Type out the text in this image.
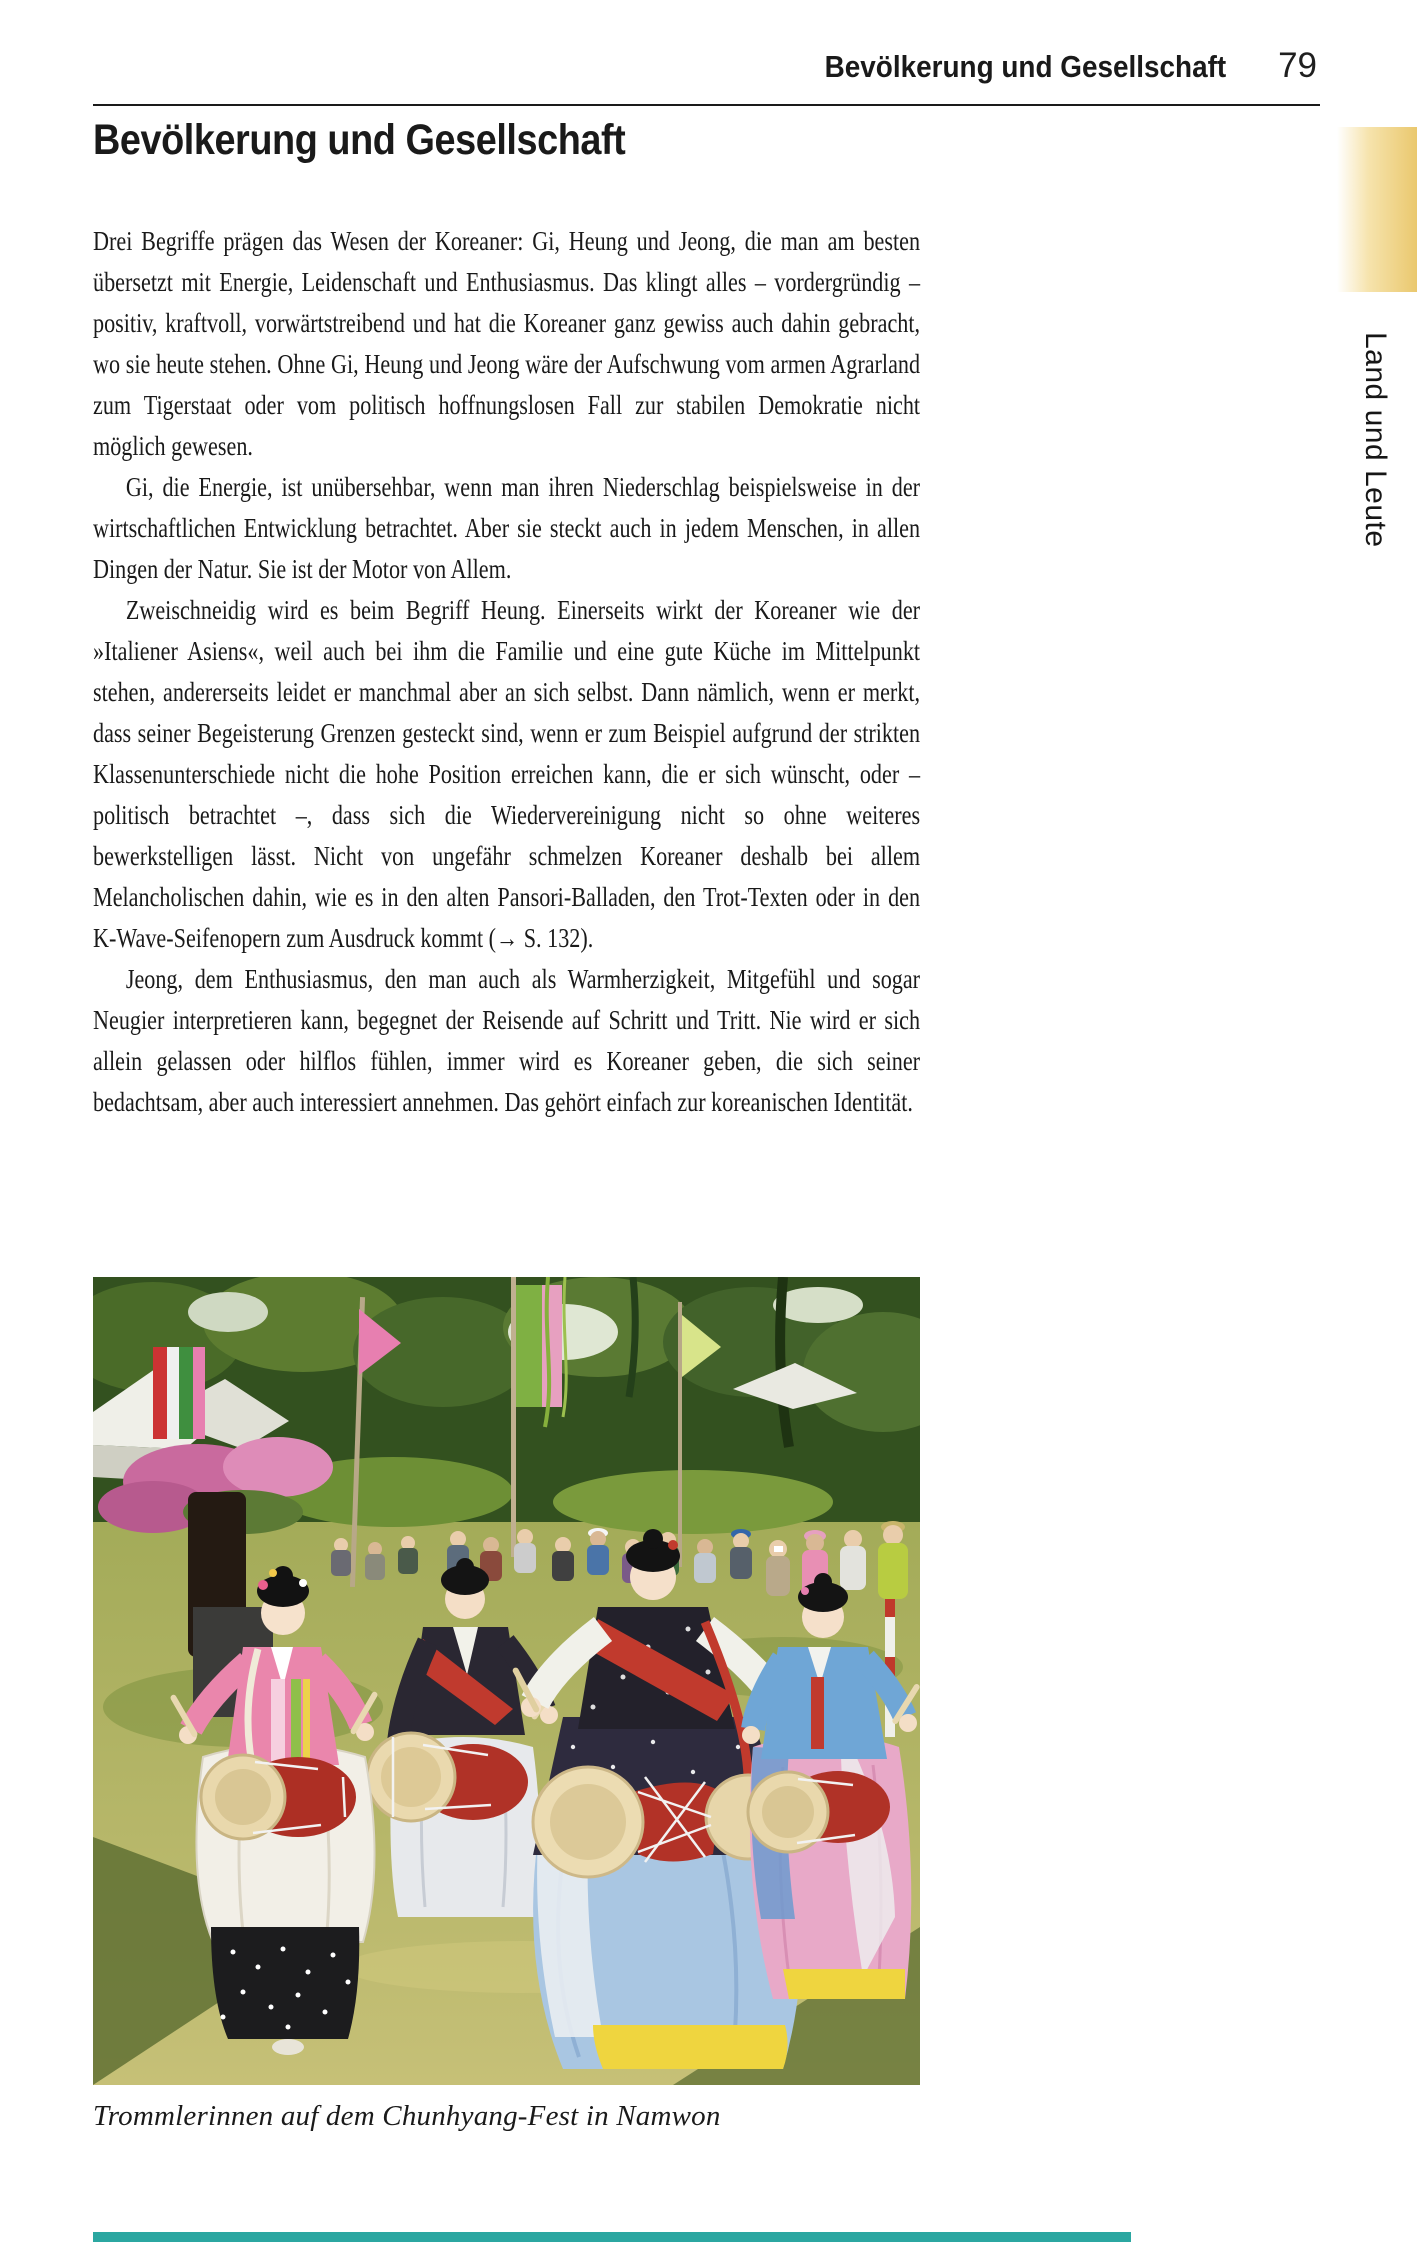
Bevölkerung und Gesellschaft 79
Land und Leute
Bevölkerung und Gesellschaft

Drei Begriffe prägen das Wesen der Koreaner: Gi, Heung und Jeong, die man am besten übersetzt mit Energie, Leidenschaft und Enthusiasmus. Das klingt alles – vordergründig – positiv, kraftvoll, vorwärtstreibend und hat die Koreaner ganz gewiss auch dahin gebracht, wo sie heute stehen. Ohne Gi, Heung und Jeong wäre der Aufschwung vom armen Agrarland zum Tigerstaat oder vom politisch hoffnungslosen Fall zur stabilen Demokratie nicht möglich gewesen.

Gi, die Energie, ist unübersehbar, wenn man ihren Niederschlag beispielsweise in der wirtschaftlichen Entwicklung betrachtet. Aber sie steckt auch in jedem Menschen, in allen Dingen der Natur. Sie ist der Motor von Allem.

Zweischneidig wird es beim Begriff Heung. Einerseits wirkt der Koreaner wie der »Italiener Asiens«, weil auch bei ihm die Familie und eine gute Küche im Mittelpunkt stehen, andererseits leidet er manchmal aber an sich selbst. Dann nämlich, wenn er merkt, dass seiner Begeisterung Grenzen gesteckt sind, wenn er zum Beispiel aufgrund der strikten Klassenunterschiede nicht die hohe Position erreichen kann, die er sich wünscht, oder – politisch betrachtet –, dass sich die Wiedervereinigung nicht so ohne weiteres bewerkstelligen lässt. Nicht von ungefähr schmelzen Koreaner deshalb bei allem Melancholischen dahin, wie es in den alten Pansori-Balladen, den Trot-Texten oder in den K-Wave-Seifenopern zum Ausdruck kommt (→ S. 132).

Jeong, dem Enthusiasmus, den man auch als Warmherzigkeit, Mitgefühl und sogar Neugier interpretieren kann, begegnet der Reisende auf Schritt und Tritt. Nie wird er sich allein gelassen oder hilflos fühlen, immer wird es Koreaner geben, die sich seiner bedachtsam, aber auch interessiert annehmen. Das gehört einfach zur koreanischen Identität.

Trommlerinnen auf dem Chunhyang-Fest in Namwon
